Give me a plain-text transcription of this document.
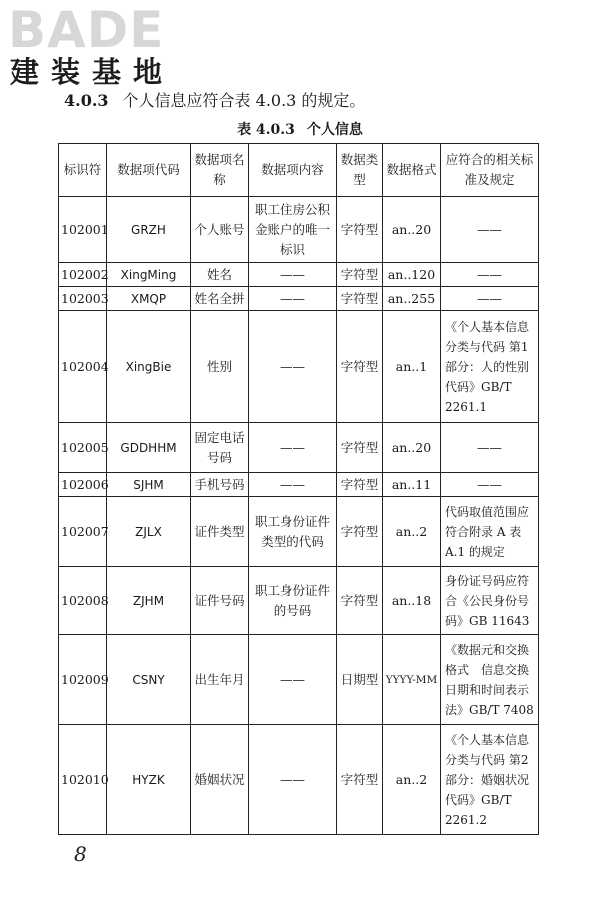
BADE
建装基地
4.0.3 个人信息应符合表 4.0.3 的规定。
表 4.0.3 个人信息
标识符	数据项代码	数据项名称	数据项内容	数据类型	数据格式	应符合的相关标准及规定
102001	GRZH	个人账号	职工住房公积金账户的唯一标识	字符型	an..20	——
102002	XingMing	姓名	——	字符型	an..120	——
102003	XMQP	姓名全拼	——	字符型	an..255	——
102004	XingBie	性别	——	字符型	an..1	《个人基本信息分类与代码 第1部分：人的性别代码》GB/T 2261.1
102005	GDDHHM	固定电话号码	——	字符型	an..20	——
102006	SJHM	手机号码	——	字符型	an..11	——
102007	ZJLX	证件类型	职工身份证件类型的代码	字符型	an..2	代码取值范围应符合附录 A 表 A.1 的规定
102008	ZJHM	证件号码	职工身份证件的号码	字符型	an..18	身份证号码应符合《公民身份号码》GB 11643
102009	CSNY	出生年月	——	日期型	YYYY-MM	《数据元和交换格式　信息交换日期和时间表示法》GB/T 7408
102010	HYZK	婚姻状况	——	字符型	an..2	《个人基本信息分类与代码 第2部分：婚姻状况代码》GB/T 2261.2
8
